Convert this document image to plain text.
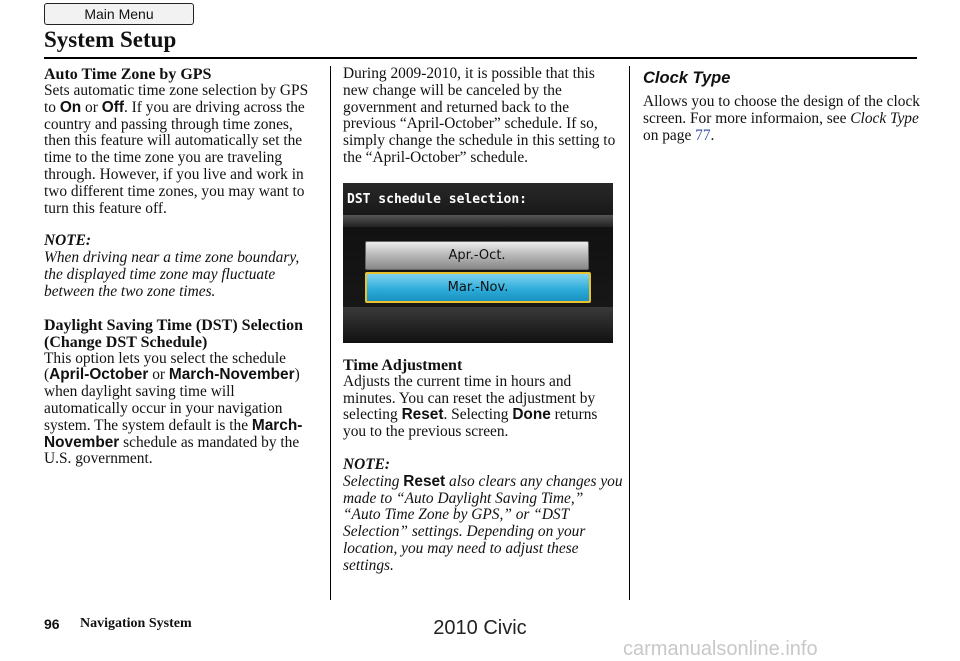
Main Menu
System Setup
Auto Time Zone by GPS

Sets automatic time zone selection by GPS to On or Off. If you are driving across the country and passing through time zones, then this feature will automatically set the time to the time zone you are traveling through. However, if you live and work in two different time zones, you may want to turn this feature off.

NOTE:

When driving near a time zone boundary, the displayed time zone may fluctuate between the two zone times.

Daylight Saving Time (DST) Selection (Change DST Schedule)

This option lets you select the schedule (April-October or March-November) when daylight saving time will automatically occur in your navigation system. The system default is the March-November schedule as mandated by the U.S. government.

During 2009-2010, it is possible that this new change will be canceled by the government and returned back to the previous “April-October” schedule. If so, simply change the schedule in this setting to the “April-October” schedule.

DST schedule selection:
Apr.-Oct.
Mar.-Nov.
Time Adjustment

Adjusts the current time in hours and minutes. You can reset the adjustment by selecting Reset. Selecting Done returns you to the previous screen.

NOTE:

Selecting Reset also clears any changes you made to “Auto Daylight Saving Time,” “Auto Time Zone by GPS,” or “DST Selection” settings. Depending on your location, you may need to adjust these settings.

Clock Type

Allows you to choose the design of the clock screen. For more informaion, see Clock Type on page 77.

96 Navigation System	2010 Civic
carmanualsonline.info
